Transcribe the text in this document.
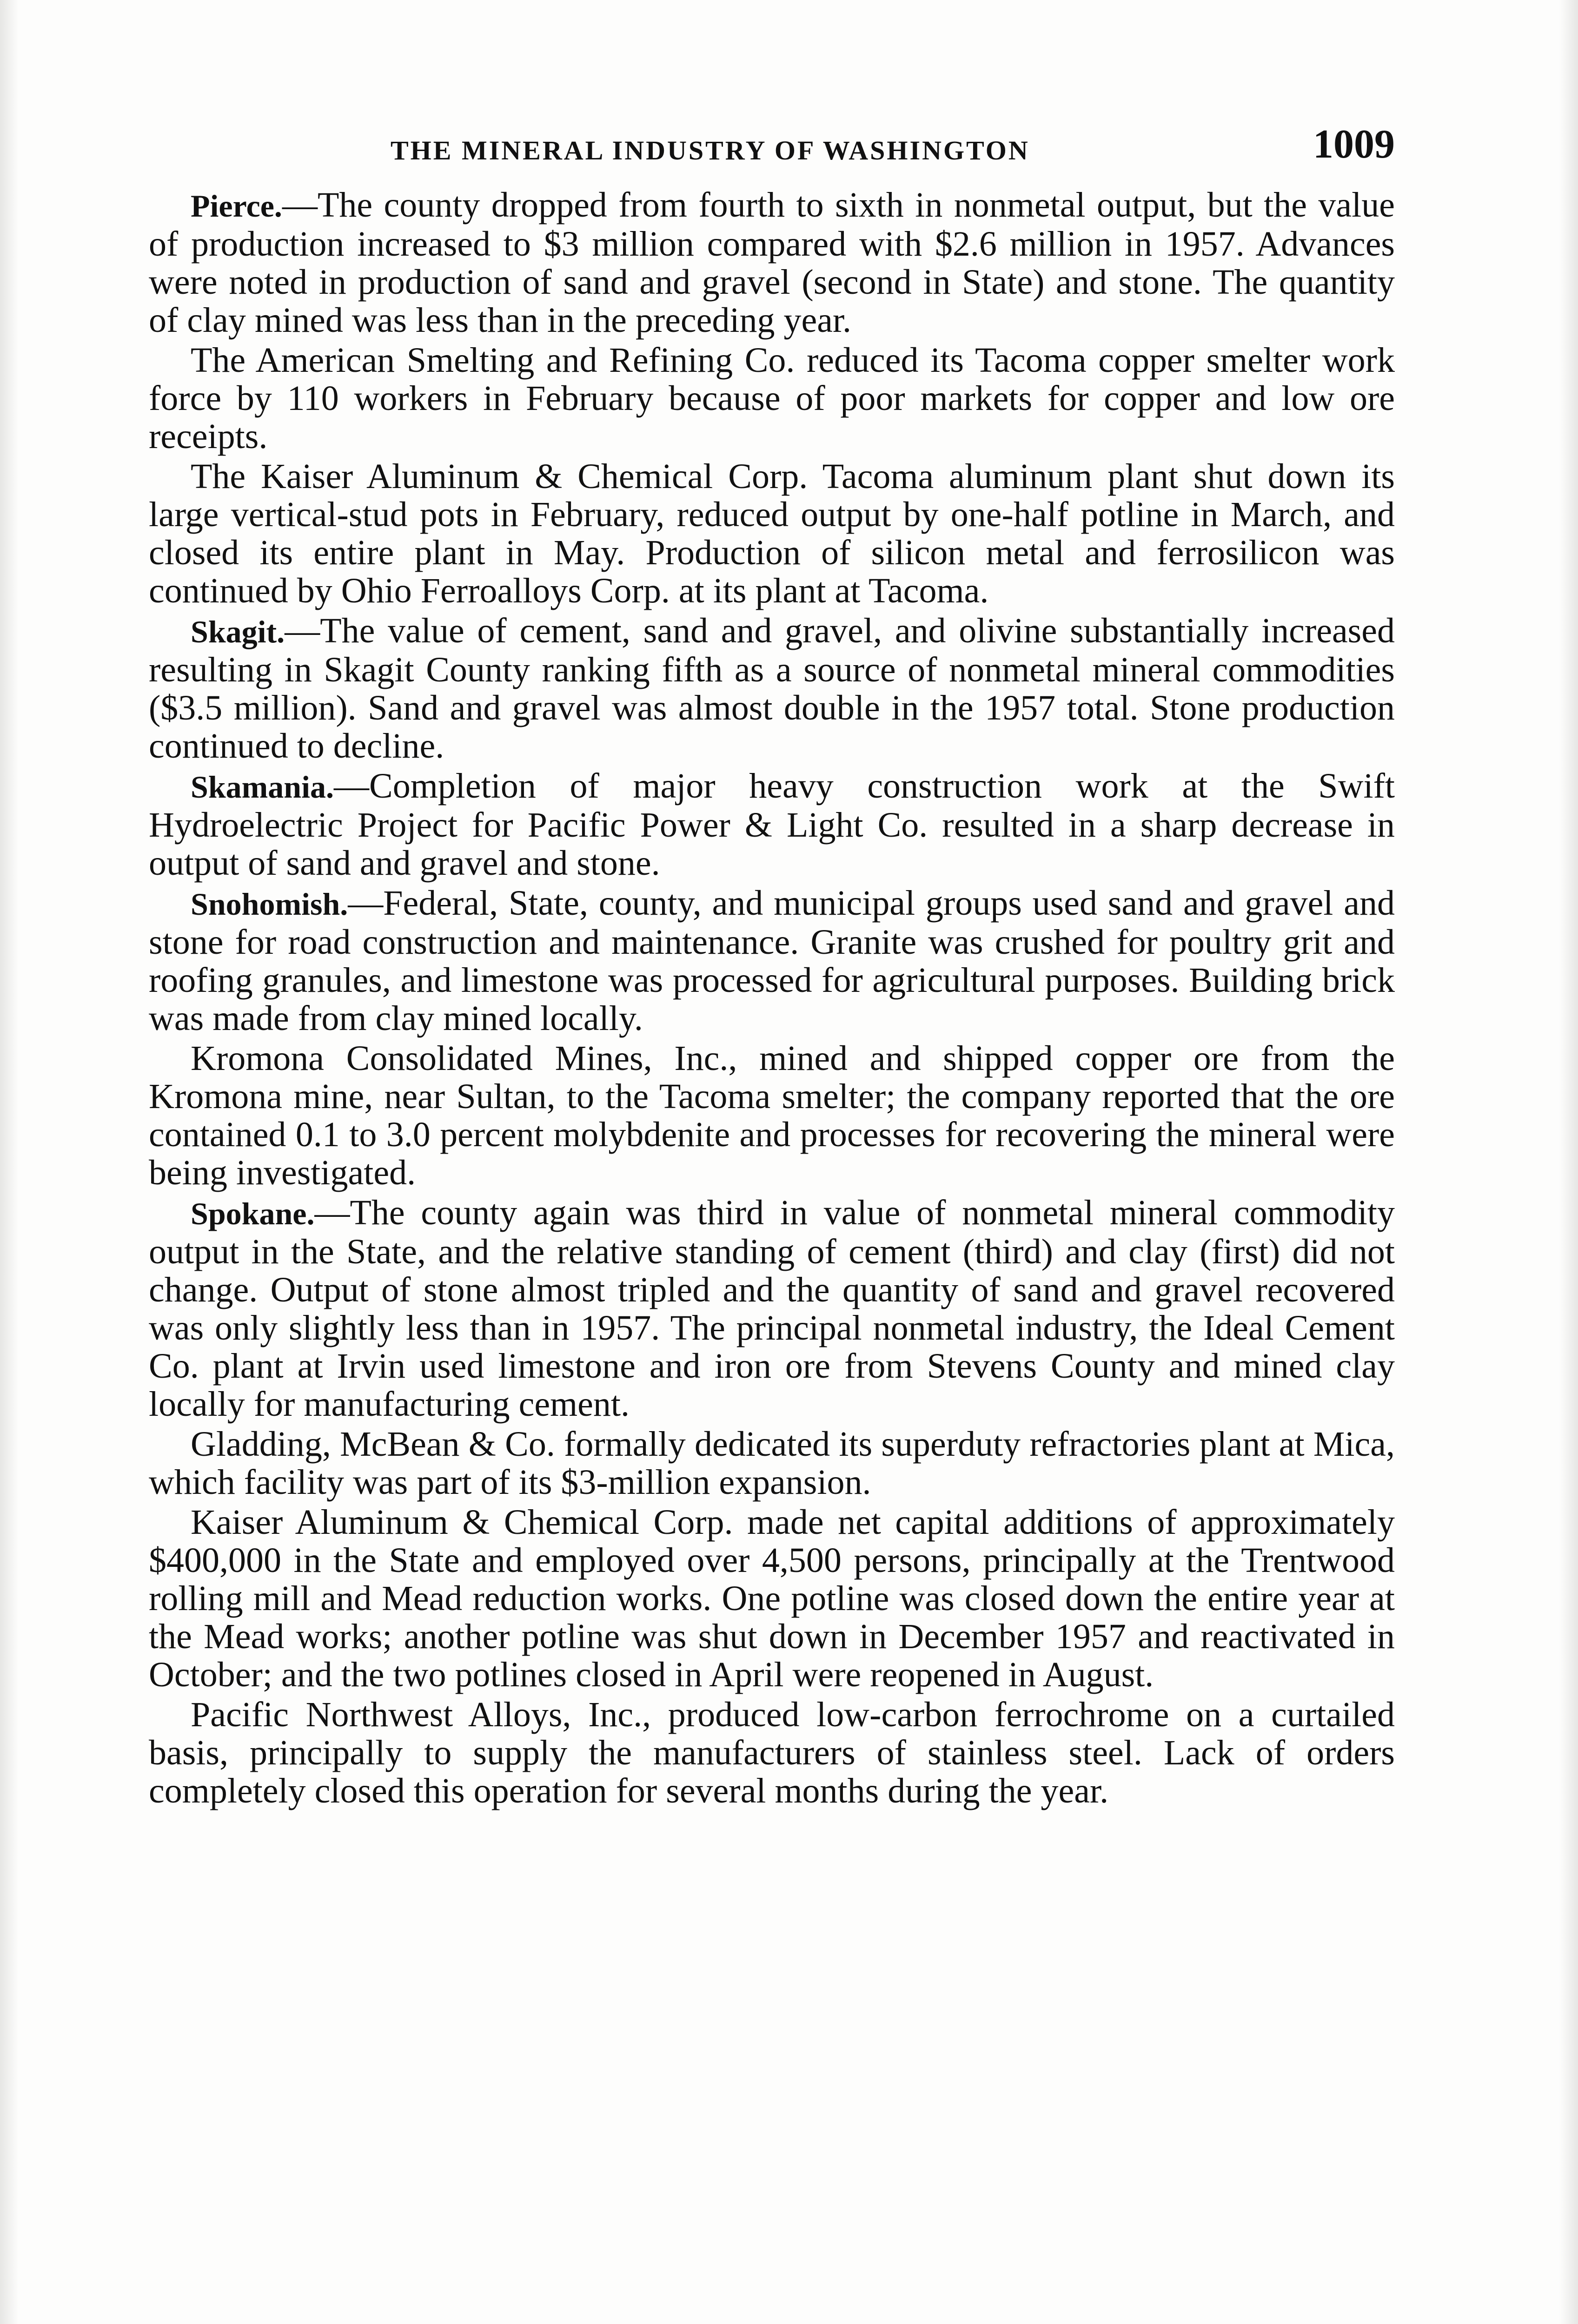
THE MINERAL INDUSTRY OF WASHINGTON	1009

Pierce.—The county dropped from fourth to sixth in nonmetal output, but the value of production increased to $3 million compared with $2.6 million in 1957. Advances were noted in production of sand and gravel (second in State) and stone. The quantity of clay mined was less than in the preceding year.

The American Smelting and Refining Co. reduced its Tacoma copper smelter work force by 110 workers in February because of poor markets for copper and low ore receipts.

The Kaiser Aluminum & Chemical Corp. Tacoma aluminum plant shut down its large vertical-stud pots in February, reduced output by one-half potline in March, and closed its entire plant in May. Production of silicon metal and ferrosilicon was continued by Ohio Ferroalloys Corp. at its plant at Tacoma.

Skagit.—The value of cement, sand and gravel, and olivine substantially increased resulting in Skagit County ranking fifth as a source of nonmetal mineral commodities ($3.5 million). Sand and gravel was almost double in the 1957 total. Stone production continued to decline.

Skamania.—Completion of major heavy construction work at the Swift Hydroelectric Project for Pacific Power & Light Co. resulted in a sharp decrease in output of sand and gravel and stone.

Snohomish.—Federal, State, county, and municipal groups used sand and gravel and stone for road construction and maintenance. Granite was crushed for poultry grit and roofing granules, and limestone was processed for agricultural purposes. Building brick was made from clay mined locally.

Kromona Consolidated Mines, Inc., mined and shipped copper ore from the Kromona mine, near Sultan, to the Tacoma smelter; the company reported that the ore contained 0.1 to 3.0 percent molybdenite and processes for recovering the mineral were being investigated.

Spokane.—The county again was third in value of nonmetal mineral commodity output in the State, and the relative standing of cement (third) and clay (first) did not change. Output of stone almost tripled and the quantity of sand and gravel recovered was only slightly less than in 1957. The principal nonmetal industry, the Ideal Cement Co. plant at Irvin used limestone and iron ore from Stevens County and mined clay locally for manufacturing cement.

Gladding, McBean & Co. formally dedicated its superduty refractories plant at Mica, which facility was part of its $3-million expansion.

Kaiser Aluminum & Chemical Corp. made net capital additions of approximately $400,000 in the State and employed over 4,500 persons, principally at the Trentwood rolling mill and Mead reduction works. One potline was closed down the entire year at the Mead works; another potline was shut down in December 1957 and reactivated in October; and the two potlines closed in April were reopened in August.

Pacific Northwest Alloys, Inc., produced low-carbon ferrochrome on a curtailed basis, principally to supply the manufacturers of stainless steel. Lack of orders completely closed this operation for several months during the year.
